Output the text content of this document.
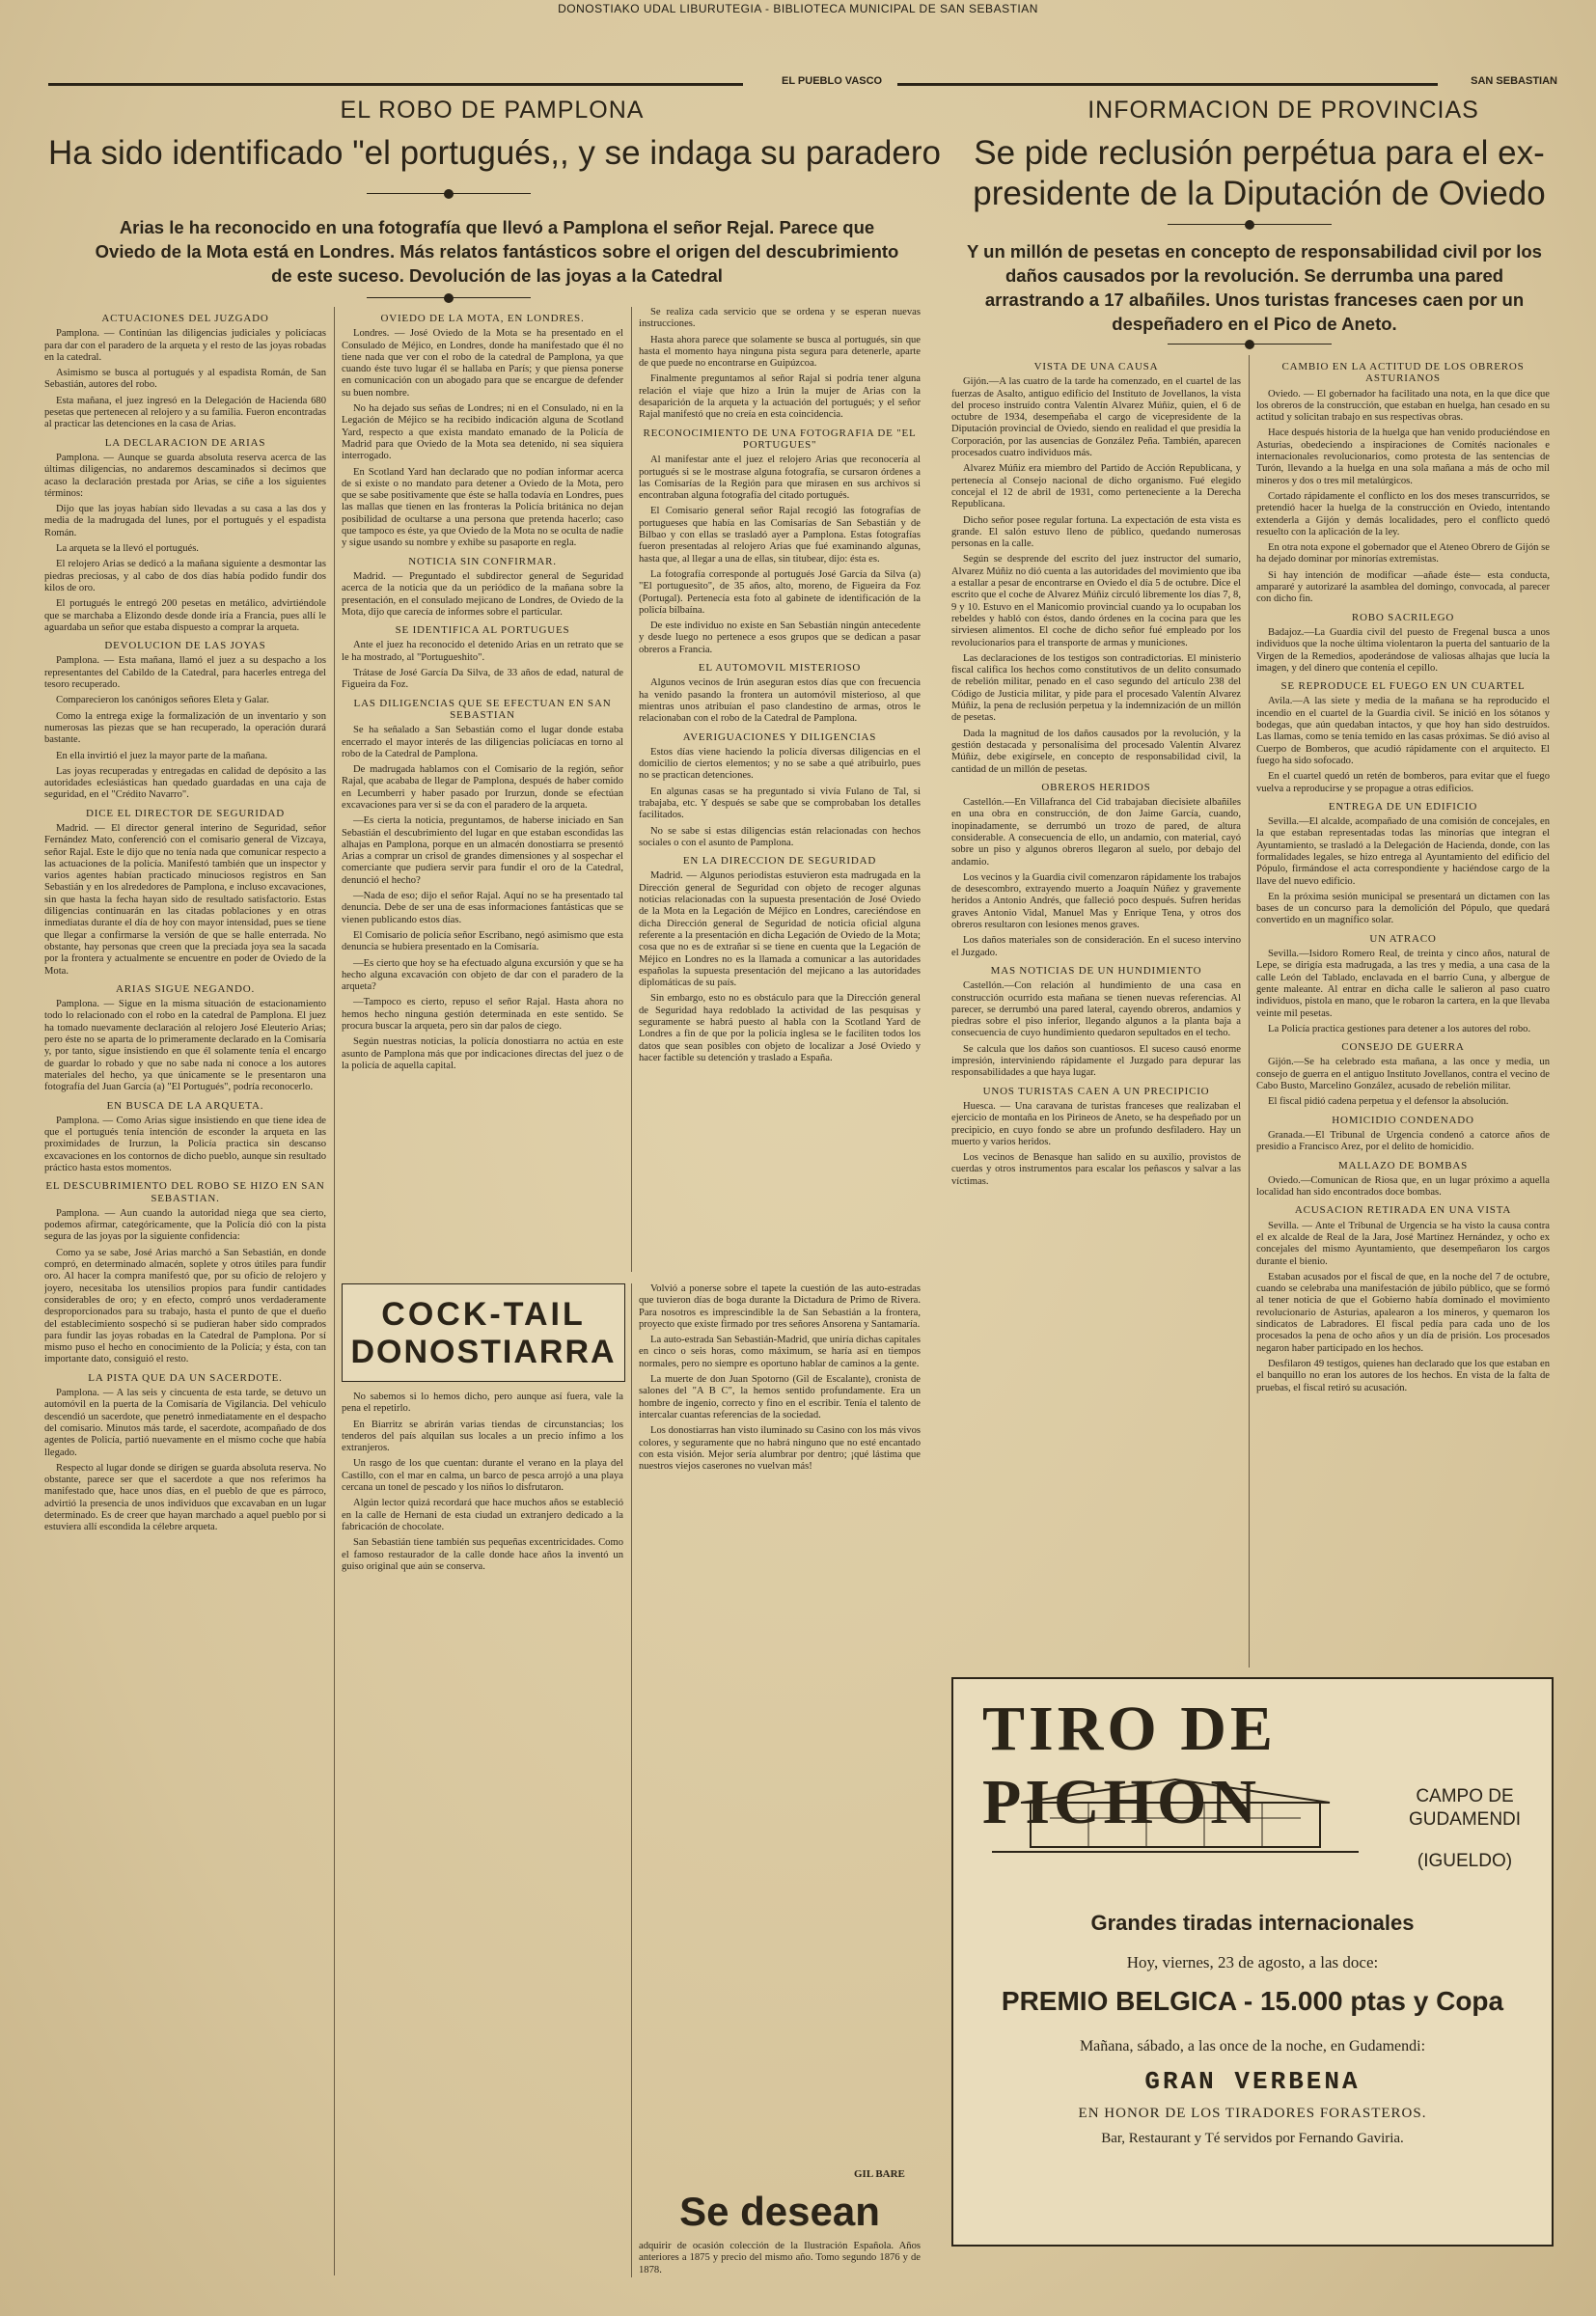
DONOSTIAKO UDAL LIBURUTEGIA - BIBLIOTECA MUNICIPAL DE SAN SEBASTIAN
EL PUEBLO VASCO	SAN SEBASTIAN
EL ROBO DE PAMPLONA
Ha sido identificado "el portugués,, y se indaga su paradero
Arias le ha reconocido en una fotografía que llevó a Pamplona el señor Rejal. Parece que Oviedo de la Mota está en Londres. Más relatos fantásticos sobre el origen del descubrimiento de este suceso. Devolución de las joyas a la Catedral
ACTUACIONES DEL JUZGADO

Pamplona. — Continúan las diligencias judiciales y policíacas para dar con el paradero de la arqueta y el resto de las joyas robadas en la catedral.

Asimismo se busca al portugués y al espadista Román, de San Sebastián, autores del robo.

Esta mañana, el juez ingresó en la Delegación de Hacienda 680 pesetas que pertenecen al relojero y a su familia. Fueron encontradas al practicar las detenciones en la casa de Arias.

LA DECLARACION DE ARIAS

Pamplona. — Aunque se guarda absoluta reserva acerca de las últimas diligencias, no andaremos descaminados si decimos que acaso la declaración prestada por Arias, se ciñe a los siguientes términos:

Dijo que las joyas habían sido llevadas a su casa a las dos y media de la madrugada del lunes, por el portugués y el espadista Román.

La arqueta se la llevó el portugués.

El relojero Arias se dedicó a la mañana siguiente a desmontar las piedras preciosas, y al cabo de dos días había podido fundir dos kilos de oro.

El portugués le entregó 200 pesetas en metálico, advirtiéndole que se marchaba a Elizondo desde donde iría a Francia, pues allí le aguardaba un señor que estaba dispuesto a comprar la arqueta.

DEVOLUCION DE LAS JOYAS

Pamplona. — Esta mañana, llamó el juez a su despacho a los representantes del Cabildo de la Catedral, para hacerles entrega del tesoro recuperado.

Comparecieron los canónigos señores Eleta y Galar.

Como la entrega exige la formalización de un inventario y son numerosas las piezas que se han recuperado, la operación durará bastante.

En ella invirtió el juez la mayor parte de la mañana.

Las joyas recuperadas y entregadas en calidad de depósito a las autoridades eclesiásticas han quedado guardadas en una caja de seguridad, en el "Crédito Navarro".

DICE EL DIRECTOR DE SEGURIDAD

Madrid. — El director general interino de Seguridad, señor Fernández Mato, conferenció con el comisario general de Vizcaya, señor Rajal. Este le dijo que no tenía nada que comunicar respecto a las actuaciones de la policía. Manifestó también que un inspector y varios agentes habían practicado minuciosos registros en San Sebastián y en los alrededores de Pamplona, e incluso excavaciones, sin que hasta la fecha hayan sido de resultado satisfactorio. Estas diligencias continuarán en las citadas poblaciones y en otras inmediatas durante el día de hoy con mayor intensidad, pues se tiene que llegar a confirmarse la versión de que se halle enterrada. No obstante, hay personas que creen que la preciada joya sea la sacada por la frontera y actualmente se encuentre en poder de Oviedo de la Mota.

ARIAS SIGUE NEGANDO.

Pamplona. — Sigue en la misma situación de estacionamiento todo lo relacionado con el robo en la catedral de Pamplona. El juez ha tomado nuevamente declaración al relojero José Eleuterio Arias; pero éste no se aparta de lo primeramente declarado en la Comisaría y, por tanto, sigue insistiendo en que él solamente tenía el encargo de guardar lo robado y que no sabe nada ni conoce a los autores materiales del hecho, ya que únicamente se le presentaron una fotografía del Juan García (a) "El Portugués", podría reconocerlo.

EN BUSCA DE LA ARQUETA.

Pamplona. — Como Arias sigue insistiendo en que tiene idea de que el portugués tenía intención de esconder la arqueta en las proximidades de Irurzun, la Policía practica sin descanso excavaciones en los contornos de dicho pueblo, aunque sin resultado práctico hasta estos momentos.

EL DESCUBRIMIENTO DEL ROBO SE HIZO EN SAN SEBASTIAN.

Pamplona. — Aun cuando la autoridad niega que sea cierto, podemos afirmar, categóricamente, que la Policía dió con la pista segura de las joyas por la siguiente confidencia:

Como ya se sabe, José Arias marchó a San Sebastián, en donde compró, en determinado almacén, soplete y otros útiles para fundir oro. Al hacer la compra manifestó que, por su oficio de relojero y joyero, necesitaba los utensilios propios para fundir cantidades considerables de oro; y en efecto, compró unos verdaderamente desproporcionados para su trabajo, hasta el punto de que el dueño del establecimiento sospechó si se pudieran haber sido comprados para fundir las joyas robadas en la Catedral de Pamplona. Por sí mismo puso el hecho en conocimiento de la Policía; y ésta, con tan importante dato, consiguió el resto.

LA PISTA QUE DA UN SACERDOTE.

Pamplona. — A las seis y cincuenta de esta tarde, se detuvo un automóvil en la puerta de la Comisaría de Vigilancia. Del vehículo descendió un sacerdote, que penetró inmediatamente en el despacho del comisario. Minutos más tarde, el sacerdote, acompañado de dos agentes de Policía, partió nuevamente en el mismo coche que había llegado.

Respecto al lugar donde se dirigen se guarda absoluta reserva. No obstante, parece ser que el sacerdote a que nos referimos ha manifestado que, hace unos días, en el pueblo de que es párroco, advirtió la presencia de unos individuos que excavaban en un lugar determinado. Es de creer que hayan marchado a aquel pueblo por si estuviera allí escondida la célebre arqueta.

OVIEDO DE LA MOTA, EN LONDRES.

Londres. — José Oviedo de la Mota se ha presentado en el Consulado de Méjico, en Londres, donde ha manifestado que él no tiene nada que ver con el robo de la catedral de Pamplona, ya que cuando éste tuvo lugar él se hallaba en París; y que piensa ponerse en comunicación con un abogado para que se encargue de defender su buen nombre.

No ha dejado sus señas de Londres; ni en el Consulado, ni en la Legación de Méjico se ha recibido indicación alguna de Scotland Yard, respecto a que exista mandato emanado de la Policía de Madrid para que Oviedo de la Mota sea detenido, ni sea siquiera interrogado.

En Scotland Yard han declarado que no podían informar acerca de si existe o no mandato para detener a Oviedo de la Mota, pero que se sabe positivamente que éste se halla todavía en Londres, pues las mallas que tienen en las fronteras la Policía británica no dejan posibilidad de ocultarse a una persona que pretenda hacerlo; caso que tampoco es éste, ya que Oviedo de la Mota no se oculta de nadie y sigue usando su nombre y exhibe su pasaporte en regla.

NOTICIA SIN CONFIRMAR.

Madrid. — Preguntado el subdirector general de Seguridad acerca de la noticia que da un periódico de la mañana sobre la presentación, en el consulado mejicano de Londres, de Oviedo de la Mota, dijo que carecía de informes sobre el particular.

SE IDENTIFICA AL PORTUGUES

Ante el juez ha reconocido el detenido Arias en un retrato que se le ha mostrado, al "Portugueshito".

Trátase de José García Da Silva, de 33 años de edad, natural de Figueira da Foz.

LAS DILIGENCIAS QUE SE EFECTUAN EN SAN SEBASTIAN

Se ha señalado a San Sebastián como el lugar donde estaba encerrado el mayor interés de las diligencias policíacas en torno al robo de la Catedral de Pamplona.

De madrugada hablamos con el Comisario de la región, señor Rajal, que acababa de llegar de Pamplona, después de haber comido en Lecumberri y haber pasado por Irurzun, donde se efectúan excavaciones para ver si se da con el paradero de la arqueta.

—Es cierta la noticia, preguntamos, de haberse iniciado en San Sebastián el descubrimiento del lugar en que estaban escondidas las alhajas en Pamplona, porque en un almacén donostiarra se presentó Arias a comprar un crisol de grandes dimensiones y al sospechar el comerciante que pudiera servir para fundir el oro de la Catedral, denunció el hecho?

—Nada de eso; dijo el señor Rajal. Aquí no se ha presentado tal denuncia. Debe de ser una de esas informaciones fantásticas que se vienen publicando estos días.

El Comisario de policía señor Escribano, negó asimismo que esta denuncia se hubiera presentado en la Comisaría.

—Es cierto que hoy se ha efectuado alguna excursión y que se ha hecho alguna excavación con objeto de dar con el paradero de la arqueta?

—Tampoco es cierto, repuso el señor Rajal. Hasta ahora no hemos hecho ninguna gestión determinada en este sentido. Se procura buscar la arqueta, pero sin dar palos de ciego.

Según nuestras noticias, la policía donostiarra no actúa en este asunto de Pamplona más que por indicaciones directas del juez o de la policía de aquella capital.

Se realiza cada servicio que se ordena y se esperan nuevas instrucciones.

Hasta ahora parece que solamente se busca al portugués, sin que hasta el momento haya ninguna pista segura para detenerle, aparte de que puede no encontrarse en Guipúzcoa.

Finalmente preguntamos al señor Rajal si podría tener alguna relación el viaje que hizo a Irún la mujer de Arias con la desaparición de la arqueta y la actuación del portugués; y el señor Rajal manifestó que no creía en esta coincidencia.

RECONOCIMIENTO DE UNA FOTOGRAFIA DE "EL PORTUGUES"

Al manifestar ante el juez el relojero Arias que reconocería al portugués si se le mostrase alguna fotografía, se cursaron órdenes a las Comisarías de la Región para que mirasen en sus archivos si encontraban alguna fotografía del citado portugués.

El Comisario general señor Rajal recogió las fotografías de portugueses que había en las Comisarías de San Sebastián y de Bilbao y con ellas se trasladó ayer a Pamplona. Estas fotografías fueron presentadas al relojero Arias que fué examinando algunas, hasta que, al llegar a una de ellas, sin titubear, dijo: ésta es.

La fotografía corresponde al portugués José García da Silva (a) "El portuguesito", de 35 años, alto, moreno, de Figueira da Foz (Portugal). Pertenecía esta foto al gabinete de identificación de la policía bilbaína.

De este individuo no existe en San Sebastián ningún antecedente y desde luego no pertenece a esos grupos que se dedican a pasar obreros a Francia.

EL AUTOMOVIL MISTERIOSO

Algunos vecinos de Irún aseguran estos días que con frecuencia ha venido pasando la frontera un automóvil misterioso, al que mientras unos atribuían el paso clandestino de armas, otros le relacionaban con el robo de la Catedral de Pamplona.

AVERIGUACIONES Y DILIGENCIAS

Estos días viene haciendo la policía diversas diligencias en el domicilio de ciertos elementos; y no se sabe a qué atribuirlo, pues no se practican detenciones.

En algunas casas se ha preguntado si vivía Fulano de Tal, si trabajaba, etc. Y después se sabe que se comprobaban los detalles facilitados.

No se sabe si estas diligencias están relacionadas con hechos sociales o con el asunto de Pamplona.

EN LA DIRECCION DE SEGURIDAD

Madrid. — Algunos periodistas estuvieron esta madrugada en la Dirección general de Seguridad con objeto de recoger algunas noticias relacionadas con la supuesta presentación de José Oviedo de la Mota en la Legación de Méjico en Londres, careciéndose en dicha Dirección general de Seguridad de noticia oficial alguna referente a la presentación en dicha Legación de Oviedo de la Mota; cosa que no es de extrañar si se tiene en cuenta que la Legación de Méjico en Londres no es la llamada a comunicar a las autoridades españolas la supuesta presentación del mejicano a las autoridades diplomáticas de su país.

Sin embargo, esto no es obstáculo para que la Dirección general de Seguridad haya redoblado la actividad de las pesquisas y seguramente se habrá puesto al habla con la Scotland Yard de Londres a fin de que por la policía inglesa se le faciliten todos los datos que sean posibles con objeto de localizar a José Oviedo y hacer factible su detención y traslado a España.

COCK-TAIL
DONOSTIARRA

No sabemos si lo hemos dicho, pero aunque así fuera, vale la pena el repetirlo.

En Biarritz se abrirán varias tiendas de circunstancias; los tenderos del país alquilan sus locales a un precio ínfimo a los extranjeros.

Un rasgo de los que cuentan: durante el verano en la playa del Castillo, con el mar en calma, un barco de pesca arrojó a una playa cercana un tonel de pescado y los niños lo disfrutaron.

Algún lector quizá recordará que hace muchos años se estableció en la calle de Hernani de esta ciudad un extranjero dedicado a la fabricación de chocolate.

San Sebastián tiene también sus pequeñas excentricidades. Como el famoso restaurador de la calle donde hace años la inventó un guiso original que aún se conserva.

Volvió a ponerse sobre el tapete la cuestión de las auto-estradas que tuvieron días de boga durante la Dictadura de Primo de Rivera. Para nosotros es imprescindible la de San Sebastián a la frontera, proyecto que existe firmado por tres señores Ansorena y Santamaría.

La auto-estrada San Sebastián-Madrid, que uniría dichas capitales en cinco o seis horas, como máximum, se haría así en tiempos normales, pero no siempre es oportuno hablar de caminos a la gente.

La muerte de don Juan Spotorno (Gil de Escalante), cronista de salones del "A B C", la hemos sentido profundamente. Era un hombre de ingenio, correcto y fino en el escribir. Tenía el talento de intercalar cuantas referencias de la sociedad.

Los donostiarras han visto iluminado su Casino con los más vivos colores, y seguramente que no habrá ninguno que no esté encantado con esta visión. Mejor sería alumbrar por dentro; ¡qué lástima que nuestros viejos caserones no vuelvan más!

GIL BARE
Se desean

adquirir de ocasión colección de la Ilustración Española. Años anteriores a 1875 y precio del mismo año. Tomo segundo 1876 y de 1878.

INFORMACION DE PROVINCIAS
Se pide reclusión perpétua para el ex-presidente de la Diputación de Oviedo
Y un millón de pesetas en concepto de responsabilidad civil por los daños causados por la revolución. Se derrumba una pared arrastrando a 17 albañiles. Unos turistas franceses caen por un despeñadero en el Pico de Aneto.
VISTA DE UNA CAUSA

Gijón.—A las cuatro de la tarde ha comenzado, en el cuartel de las fuerzas de Asalto, antiguo edificio del Instituto de Jovellanos, la vista del proceso instruído contra Valentín Alvarez Múñiz, quien, el 6 de octubre de 1934, desempeñaba el cargo de vicepresidente de la Diputación provincial de Oviedo, siendo en realidad el que presidía la Corporación, por las ausencias de González Peña. También, aparecen procesados cuatro individuos más.

Alvarez Múñiz era miembro del Partido de Acción Republicana, y pertenecía al Consejo nacional de dicho organismo. Fué elegido concejal el 12 de abril de 1931, como perteneciente a la Derecha Republicana.

Dicho señor posee regular fortuna. La expectación de esta vista es grande. El salón estuvo lleno de público, quedando numerosas personas en la calle.

Según se desprende del escrito del juez instructor del sumario, Alvarez Múñiz no dió cuenta a las autoridades del movimiento que iba a estallar a pesar de encontrarse en Oviedo el día 5 de octubre. Dice el escrito que el coche de Alvarez Múñiz circuló libremente los días 7, 8, 9 y 10. Estuvo en el Manicomio provincial cuando ya lo ocupaban los rebeldes y habló con éstos, dando órdenes en la cocina para que les sirviesen alimentos. El coche de dicho señor fué empleado por los revolucionarios para el transporte de armas y municiones.

Las declaraciones de los testigos son contradictorias. El ministerio fiscal califica los hechos como constitutivos de un delito consumado de rebelión militar, penado en el caso segundo del artículo 238 del Código de Justicia militar, y pide para el procesado Valentín Alvarez Múñiz, la pena de reclusión perpetua y la indemnización de un millón de pesetas.

Dada la magnitud de los daños causados por la revolución, y la gestión destacada y personalísima del procesado Valentín Alvarez Múñiz, debe exigírsele, en concepto de responsabilidad civil, la cantidad de un millón de pesetas.

OBREROS HERIDOS

Castellón.—En Villafranca del Cid trabajaban diecisiete albañiles en una obra en construcción, de don Jaime García, cuando, inopinadamente, se derrumbó un trozo de pared, de altura considerable. A consecuencia de ello, un andamio, con material, cayó sobre un piso y algunos obreros llegaron al suelo, por debajo del andamio.

Los vecinos y la Guardia civil comenzaron rápidamente los trabajos de desescombro, extrayendo muerto a Joaquín Núñez y gravemente heridos a Antonio Andrés, que falleció poco después. Sufren heridas graves Antonio Vidal, Manuel Mas y Enrique Tena, y otros dos obreros resultaron con lesiones menos graves.

Los daños materiales son de consideración. En el suceso intervino el Juzgado.

MAS NOTICIAS DE UN HUNDIMIENTO

Castellón.—Con relación al hundimiento de una casa en construcción ocurrido esta mañana se tienen nuevas referencias. Al parecer, se derrumbó una pared lateral, cayendo obreros, andamios y piedras sobre el piso inferior, llegando algunos a la planta baja a consecuencia de cuyo hundimiento quedaron sepultados en el techo.

Se calcula que los daños son cuantiosos. El suceso causó enorme impresión, interviniendo rápidamente el Juzgado para depurar las responsabilidades a que haya lugar.

UNOS TURISTAS CAEN A UN PRECIPICIO

Huesca. — Una caravana de turistas franceses que realizaban el ejercicio de montaña en los Pirineos de Aneto, se ha despeñado por un precipicio, en cuyo fondo se abre un profundo desfiladero. Hay un muerto y varios heridos.

Los vecinos de Benasque han salido en su auxilio, provistos de cuerdas y otros instrumentos para escalar los peñascos y salvar a las víctimas.

CAMBIO EN LA ACTITUD DE LOS OBREROS ASTURIANOS

Oviedo. — El gobernador ha facilitado una nota, en la que dice que los obreros de la construcción, que estaban en huelga, han cesado en su actitud y solicitan trabajo en sus respectivas obras.

Hace después historia de la huelga que han venido produciéndose en Asturias, obedeciendo a inspiraciones de Comités nacionales e internacionales revolucionarios, como protesta de las sentencias de Turón, llevando a la huelga en una sola mañana a más de ocho mil mineros y dos o tres mil metalúrgicos.

Cortado rápidamente el conflicto en los dos meses transcurridos, se pretendió hacer la huelga de la construcción en Oviedo, intentando extenderla a Gijón y demás localidades, pero el conflicto quedó resuelto con la aplicación de la ley.

En otra nota expone el gobernador que el Ateneo Obrero de Gijón se ha dejado dominar por minorías extremistas.

Si hay intención de modificar —añade éste— esta conducta, ampararé y autorizaré la asamblea del domingo, convocada, al parecer con dicho fin.

ROBO SACRILEGO

Badajoz.—La Guardia civil del puesto de Fregenal busca a unos individuos que la noche última violentaron la puerta del santuario de la Virgen de la Remedios, apoderándose de valiosas alhajas que lucía la imagen, y del dinero que contenía el cepillo.

SE REPRODUCE EL FUEGO EN UN CUARTEL

Avila.—A las siete y media de la mañana se ha reproducido el incendio en el cuartel de la Guardia civil. Se inició en los sótanos y bodegas, que aún quedaban intactos, y que hoy han sido destruídos. Las llamas, como se tenía temido en las casas próximas. Se dió aviso al Cuerpo de Bomberos, que acudió rápidamente con el arquitecto. El fuego ha sido sofocado.

En el cuartel quedó un retén de bomberos, para evitar que el fuego vuelva a reproducirse y se propague a otras edificios.

ENTREGA DE UN EDIFICIO

Sevilla.—El alcalde, acompañado de una comisión de concejales, en la que estaban representadas todas las minorías que integran el Ayuntamiento, se trasladó a la Delegación de Hacienda, donde, con las formalidades legales, se hizo entrega al Ayuntamiento del edificio del Pópulo, firmándose el acta correspondiente y haciéndose cargo de la llave del nuevo edificio.

En la próxima sesión municipal se presentará un dictamen con las bases de un concurso para la demolición del Pópulo, que quedará convertido en un magnífico solar.

UN ATRACO

Sevilla.—Isidoro Romero Real, de treinta y cinco años, natural de Lepe, se dirigía esta madrugada, a las tres y media, a una casa de la calle León del Tablado, enclavada en el barrio Cuna, y albergue de gente maleante. Al entrar en dicha calle le salieron al paso cuatro individuos, pistola en mano, que le robaron la cartera, en la que llevaba veinte mil pesetas.

La Policía practica gestiones para detener a los autores del robo.

CONSEJO DE GUERRA

Gijón.—Se ha celebrado esta mañana, a las once y media, un consejo de guerra en el antiguo Instituto Jovellanos, contra el vecino de Cabo Busto, Marcelino González, acusado de rebelión militar.

El fiscal pidió cadena perpetua y el defensor la absolución.

HOMICIDIO CONDENADO

Granada.—El Tribunal de Urgencia condenó a catorce años de presidio a Francisco Arez, por el delito de homicidio.

MALLAZO DE BOMBAS

Oviedo.—Comunican de Riosa que, en un lugar próximo a aquella localidad han sido encontrados doce bombas.

ACUSACION RETIRADA EN UNA VISTA

Sevilla. — Ante el Tribunal de Urgencia se ha visto la causa contra el ex alcalde de Real de la Jara, José Martínez Hernández, y ocho ex concejales del mismo Ayuntamiento, que desempeñaron los cargos durante el bienio.

Estaban acusados por el fiscal de que, en la noche del 7 de octubre, cuando se celebraba una manifestación de júbilo público, que se formó al tener noticia de que el Gobierno había dominado el movimiento revolucionario de Asturias, apalearon a los mineros, y quemaron los sindicatos de Labradores. El fiscal pedía para cada uno de los procesados la pena de ocho años y un día de prisión. Los procesados negaron haber participado en los hechos.

Desfilaron 49 testigos, quienes han declarado que los que estaban en el banquillo no eran los autores de los hechos. En vista de la falta de pruebas, el fiscal retiró su acusación.

TIRO DE PICHON	CAMPO DE
GUDAMENDI
(IGUELDO)
Grandes tiradas internacionales
Hoy, viernes, 23 de agosto, a las doce:
PREMIO BELGICA - 15.000 ptas y Copa
Mañana, sábado, a las once de la noche, en Gudamendi:
GRAN VERBENA
EN HONOR DE LOS TIRADORES FORASTEROS.
Bar, Restaurant y Té servidos por Fernando Gaviria.
